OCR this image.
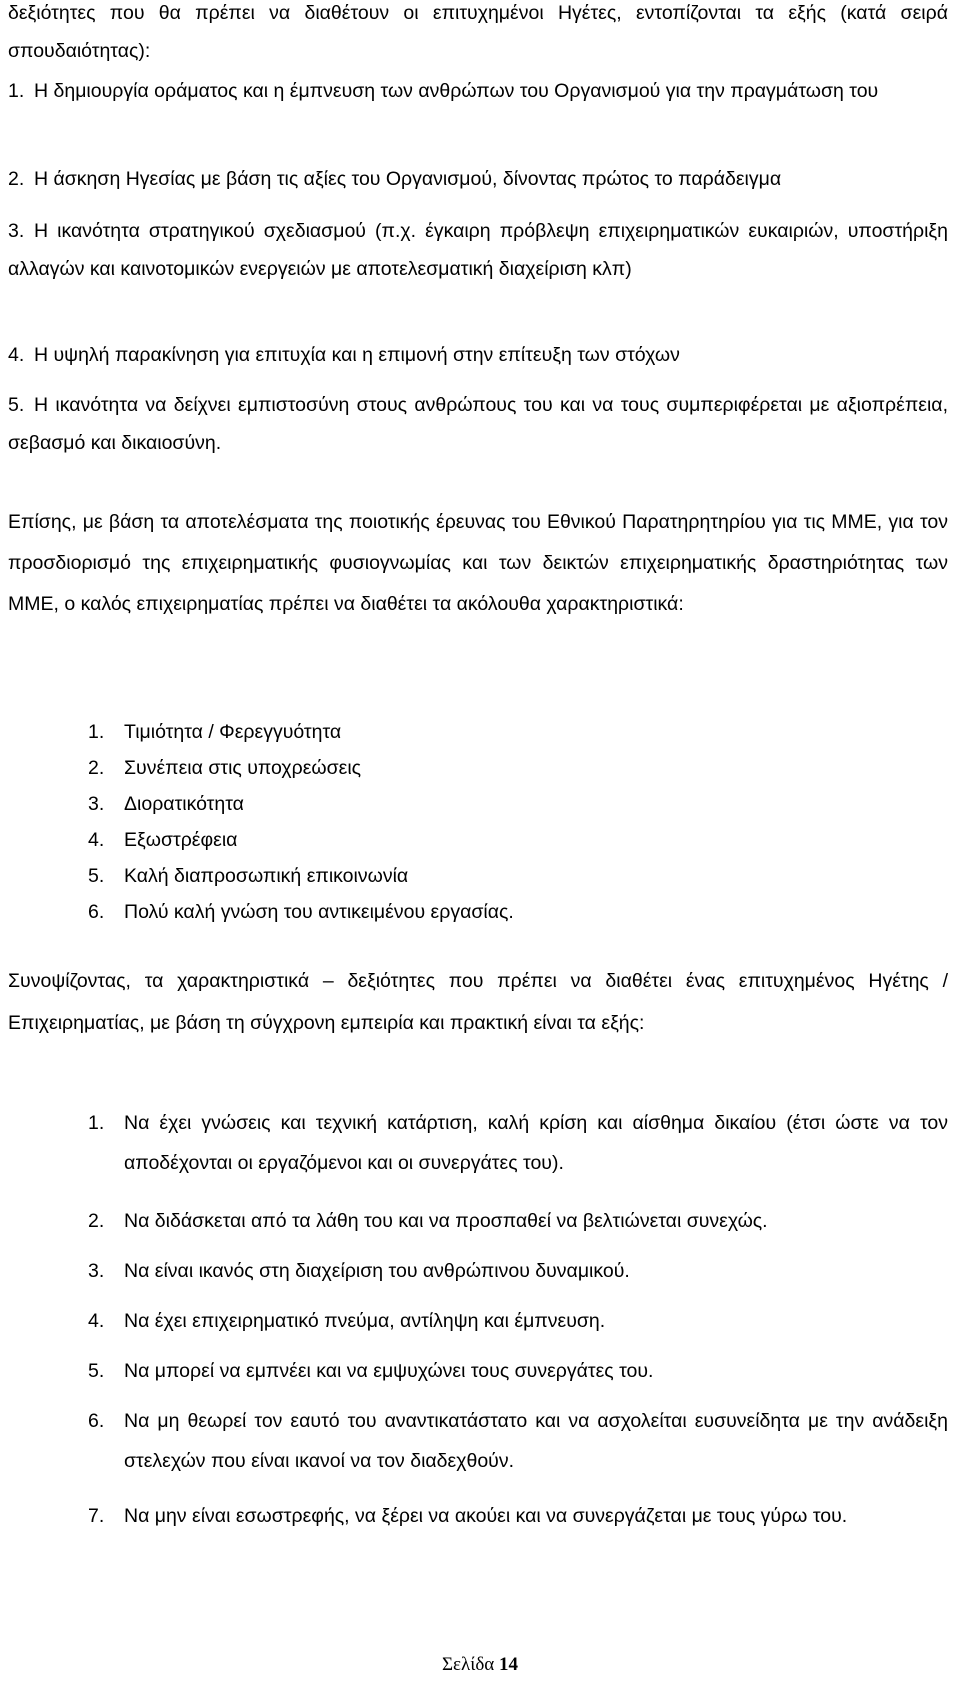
δεξιότητες που θα πρέπει να διαθέτουν οι επιτυχημένοι Ηγέτες, εντοπίζονται τα εξής (κατά σειρά σπουδαιότητας):
1. Η δημιουργία οράματος και η έμπνευση των ανθρώπων του Οργανισμού για την πραγμάτωση του
2. Η άσκηση Ηγεσίας με βάση τις αξίες του Οργανισμού, δίνοντας πρώτος το παράδειγμα
3. Η ικανότητα στρατηγικού σχεδιασμού (π.χ. έγκαιρη πρόβλεψη επιχειρηματικών ευκαιριών, υποστήριξη αλλαγών και καινοτομικών ενεργειών με αποτελεσματική διαχείριση κλπ)
4. Η υψηλή παρακίνηση για επιτυχία και η επιμονή στην επίτευξη των στόχων
5. Η ικανότητα να δείχνει εμπιστοσύνη στους ανθρώπους του και να τους συμπεριφέρεται με αξιοπρέπεια, σεβασμό και δικαιοσύνη.
Επίσης, με βάση τα αποτελέσματα της ποιοτικής έρευνας του Εθνικού Παρατηρητηρίου για τις ΜΜΕ, για τον προσδιορισμό της επιχειρηματικής φυσιογνωμίας και των δεικτών επιχειρηματικής δραστηριότητας των ΜΜΕ, ο καλός επιχειρηματίας πρέπει να διαθέτει τα ακόλουθα χαρακτηριστικά:
1. Τιμιότητα / Φερεγγυότητα
2. Συνέπεια στις υποχρεώσεις
3. Διορατικότητα
4. Εξωστρέφεια
5. Καλή διαπροσωπική επικοινωνία
6. Πολύ καλή γνώση του αντικειμένου εργασίας.
Συνοψίζοντας, τα χαρακτηριστικά – δεξιότητες που πρέπει να διαθέτει ένας επιτυχημένος Ηγέτης / Επιχειρηματίας, με βάση τη σύγχρονη εμπειρία και πρακτική είναι τα εξής:
1. Να έχει γνώσεις και τεχνική κατάρτιση, καλή κρίση και αίσθημα δικαίου (έτσι ώστε να τον αποδέχονται οι εργαζόμενοι και οι συνεργάτες του).
2. Να διδάσκεται από τα λάθη του και να προσπαθεί να βελτιώνεται συνεχώς.
3. Να είναι ικανός στη διαχείριση του ανθρώπινου δυναμικού.
4. Να έχει επιχειρηματικό πνεύμα, αντίληψη και έμπνευση.
5. Να μπορεί να εμπνέει και να εμψυχώνει τους συνεργάτες του.
6. Να μη θεωρεί τον εαυτό του αναντικατάστατο και να ασχολείται ευσυνείδητα με την ανάδειξη στελεχών που είναι ικανοί να τον διαδεχθούν.
7. Να μην είναι εσωστρεφής, να ξέρει να ακούει και να συνεργάζεται με τους γύρω του.
Σελίδα 14
